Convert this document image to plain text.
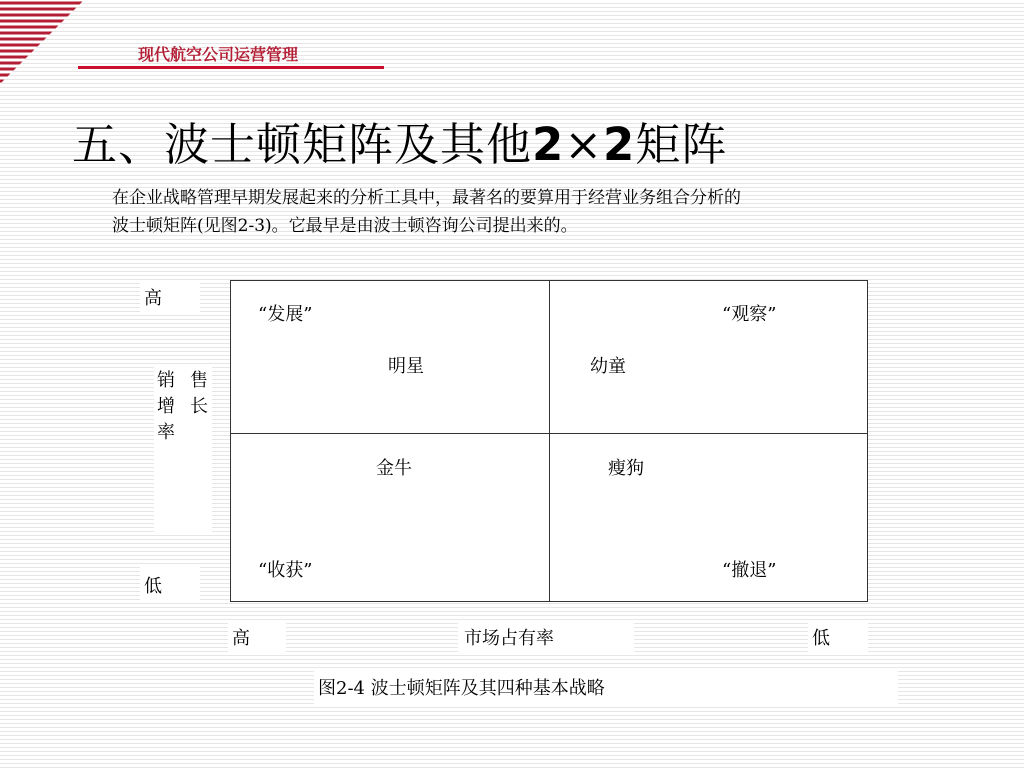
现代航空公司运营管理
五、波士顿矩阵及其他2×2矩阵
在企业战略管理早期发展起来的分析工具中，最著名的要算用于经营业务组合分析的
波士顿矩阵(见图2-3)。它最早是由波士顿咨询公司提出来的。
高
销
增
率
售
长
低
“发展”
明星
“观察”
幼童
金牛
“收获”
瘦狗
“撤退”
高	市场占有率	低
图2-4 波士顿矩阵及其四种基本战略
